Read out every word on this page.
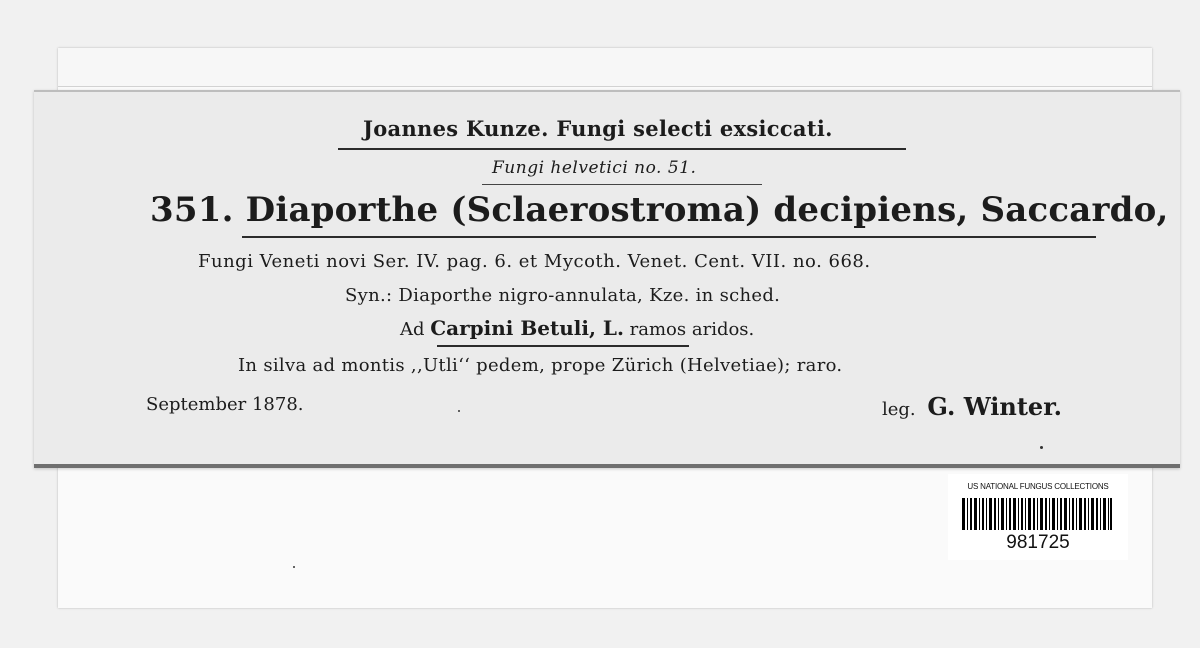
Joannes Kunze. Fungi selecti exsiccati.
Fungi helvetici no. 51.
351. Diaporthe (Sclaerostroma) decipiens, Saccardo,
Fungi Veneti novi Ser. IV. pag. 6. et Mycoth. Venet. Cent. VII. no. 668.
Syn.: Diaporthe nigro-annulata, Kze. in sched.
Ad Carpini Betuli, L. ramos aridos.
In silva ad montis ,,Utli‘‘ pedem, prope Zürich (Helvetiae); raro.
September 1878.	leg. G. Winter.
US NATIONAL FUNGUS COLLECTIONS
981725
